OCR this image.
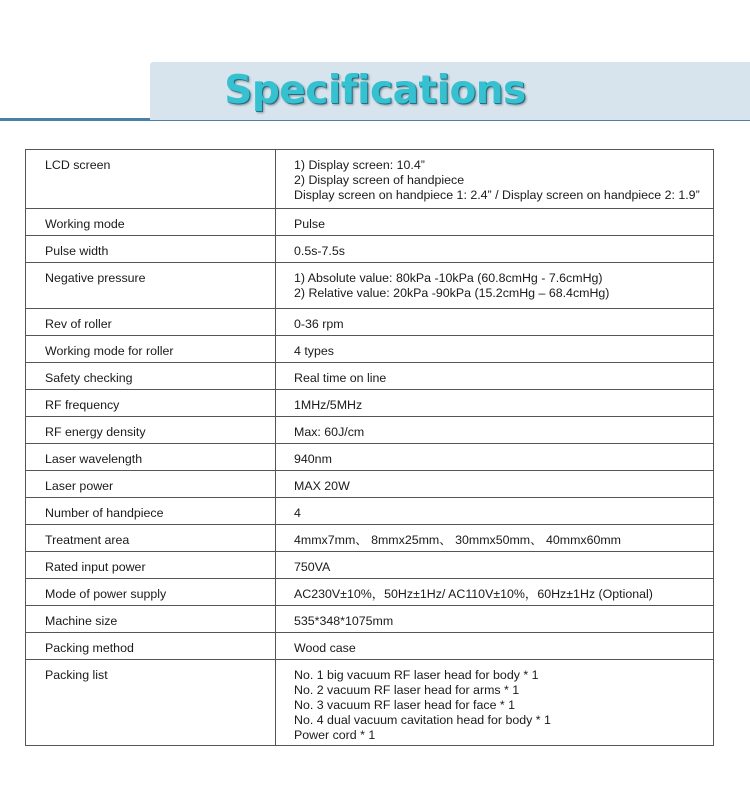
Specifications
LCD screen	1) Display screen: 10.4”
2) Display screen of handpiece
Display screen on handpiece 1: 2.4” / Display screen on handpiece 2: 1.9”

Working mode	Pulse

Pulse width	0.5s-7.5s

Negative pressure	1) Absolute value: 80kPa -10kPa (60.8cmHg - 7.6cmHg)
2) Relative value: 20kPa -90kPa (15.2cmHg – 68.4cmHg)

Rev of roller	0-36 rpm

Working mode for roller	4 types

Safety checking	Real time on line

RF frequency	1MHz/5MHz

RF energy density	Max: 60J/cm

Laser wavelength	940nm

Laser power	MAX 20W

Number of handpiece	4

Treatment area	4mmx7mm、 8mmx25mm、 30mmx50mm、 40mmx60mm

Rated input power	750VA

Mode of power supply	AC230V±10%，50Hz±1Hz/ AC110V±10%，60Hz±1Hz (Optional)

Machine size	535*348*1075mm

Packing method	Wood case

Packing list	No. 1 big vacuum RF laser head for body * 1
No. 2 vacuum RF laser head for arms * 1
No. 3 vacuum RF laser head for face * 1
No. 4 dual vacuum cavitation head for body * 1
Power cord * 1
